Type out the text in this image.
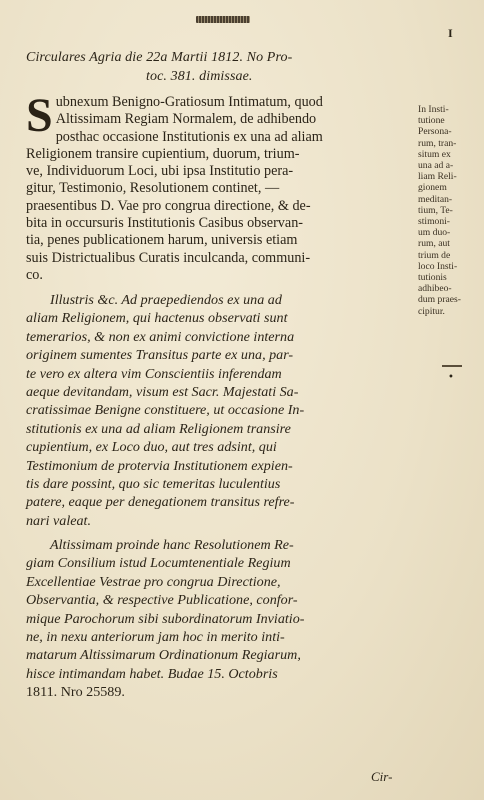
I
Circulares Agria die 22a Martii 1812. No Pro-
toc. 381. dimissae.
S ubnexum Benigno-Gratiosum Intimatum, quod
Altissimam Regiam Normalem, de adhibendo
posthac occasione Institutionis ex una ad aliam
Religionem transire cupientium, duorum, trium-
ve, Individuorum Loci, ubi ipsa Institutio pera-
gitur, Testimonio, Resolutionem continet, —
praesentibus D. Vae pro congrua directione, & de-
bita in occursuris Institutionis Casibus observan-
tia, penes publicationem harum, universis etiam
suis Districtualibus Curatis inculcanda, communi-
co.
Illustris &c. Ad praepediendos ex una ad
aliam Religionem, qui hactenus observati sunt
temerarios, & non ex animi convictione interna
originem sumentes Transitus parte ex una, par-
te vero ex altera vim Conscientiis inferendam
aeque devitandam, visum est Sacr. Majestati Sa-
cratissimae Benigne constituere, ut occasione In-
stitutionis ex una ad aliam Religionem transire
cupientium, ex Loco duo, aut tres adsint, qui
Testimonium de protervia Institutionem expien-
tis dare possint, quo sic temeritas luculentius
patere, eaque per denegationem transitus refre-
nari valeat.
Altissimam proinde hanc Resolutionem Re-
giam Consilium istud Locumtenentiale Regium
Excellentiae Vestrae pro congrua Directione,
Observantia, & respective Publicatione, confor-
mique Parochorum sibi subordinatorum Inviatio-
ne, in nexu anteriorum jam hoc in merito inti-
matarum Altissimarum Ordinationum Regiarum,
hisce intimandam habet. Budae 15. Octobris
1811. Nro 25589.
In Insti-
tutione
Persona-
rum, tran-
situm ex
una ad a-
liam Reli-
gionem
meditan-
tium, Te-
stimoni-
um duo-
rum, aut
trium de
loco Insti-
tutionis
adhibeo-
dum praes-
cipitur.
•
Cir-
